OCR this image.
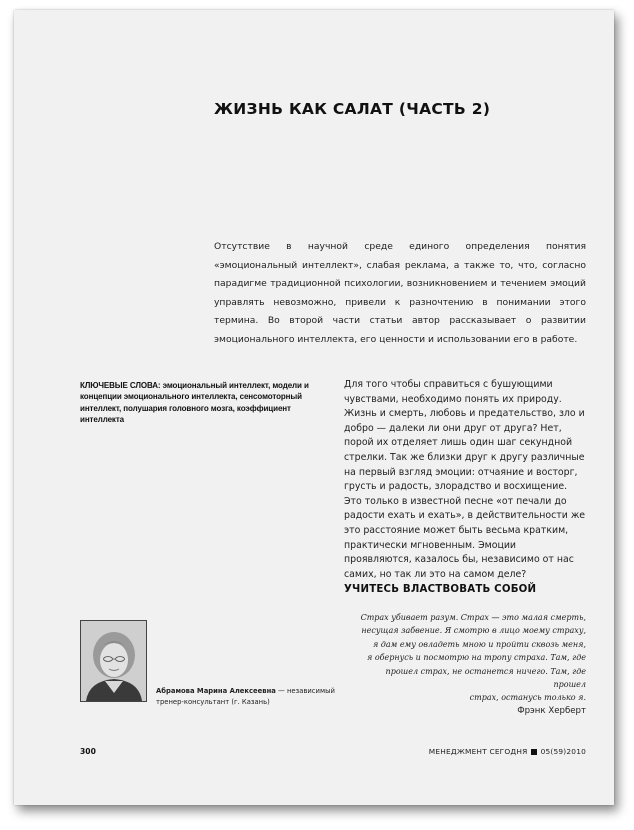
ЖИЗНЬ КАК САЛАТ (ЧАСТЬ 2)

Отсутствие в научной среде единого определения понятия «эмоциональный интеллект», слабая реклама, а также то, что, согласно парадигме традиционной психологии, возникновением и течением эмоций управлять невозможно, привели к разночтению в понимании этого термина. Во второй части статьи автор рассказывает о развитии эмоционального интеллекта, его ценности и использовании его в работе.

КЛЮЧЕВЫЕ СЛОВА: эмоциональный интеллект, модели и концепции эмоционального интеллекта, сенсомоторный интеллект, полушария головного мозга, коэффициент интеллекта

Для того чтобы справиться с бушующими чувствами, необходимо понять их природу. Жизнь и смерть, любовь и предательство, зло и добро — далеки ли они друг от друга? Нет, порой их отделяет лишь один шаг секундной стрелки. Так же близки друг к другу различные на первый взгляд эмоции: отчаяние и восторг, грусть и радость, злорадство и восхищение. Это только в известной песне «от печали до радости ехать и ехать», в действительности же это расстояние может быть весьма кратким, практически мгновенным. Эмоции проявляются, казалось бы, независимо от нас самих, но так ли это на самом деле?

УЧИТЕСЬ ВЛАСТВОВАТЬ СОБОЙ
Страх убивает разум. Страх — это малая смерть,
несущая забвение. Я смотрю в лицо моему страху,
я дам ему овладеть мною и пройти сквозь меня,
я обернусь и посмотрю на тропу страха. Там, где
прошел страх, не останется ничего. Там, где прошел
страх, останусь только я.
Фрэнк Херберт

Абрамова Марина Алексеевна — независимый тренер-консультант (г. Казань)

300	МЕНЕДЖМЕНТ СЕГОДНЯ 05(59)2010
